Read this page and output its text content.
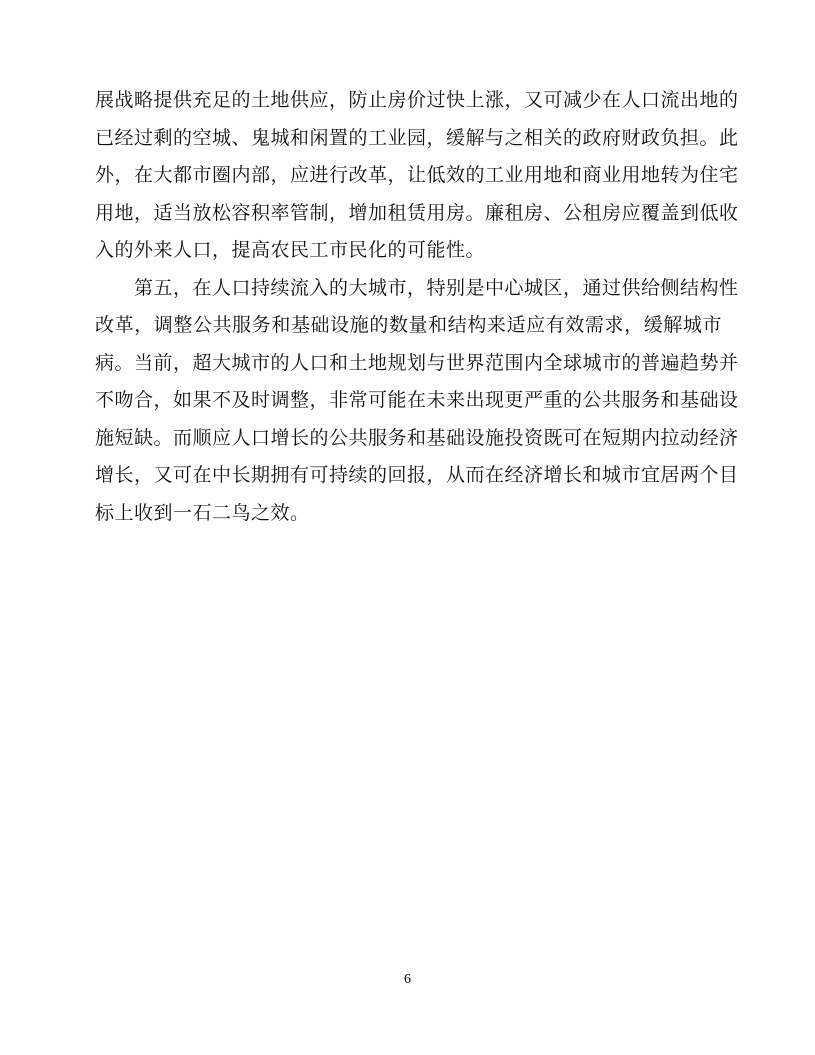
展战略提供充足的土地供应，防止房价过快上涨，又可减少在人口流出地的
已经过剩的空城、鬼城和闲置的工业园，缓解与之相关的政府财政负担。此
外，在大都市圈内部，应进行改革，让低效的工业用地和商业用地转为住宅
用地，适当放松容积率管制，增加租赁用房。廉租房、公租房应覆盖到低收
入的外来人口，提高农民工市民化的可能性。
　　第五，在人口持续流入的大城市，特别是中心城区，通过供给侧结构性
改革，调整公共服务和基础设施的数量和结构来适应有效需求，缓解城市
病。当前，超大城市的人口和土地规划与世界范围内全球城市的普遍趋势并
不吻合，如果不及时调整，非常可能在未来出现更严重的公共服务和基础设
施短缺。而顺应人口增长的公共服务和基础设施投资既可在短期内拉动经济
增长，又可在中长期拥有可持续的回报，从而在经济增长和城市宜居两个目
标上收到一石二鸟之效。
6
